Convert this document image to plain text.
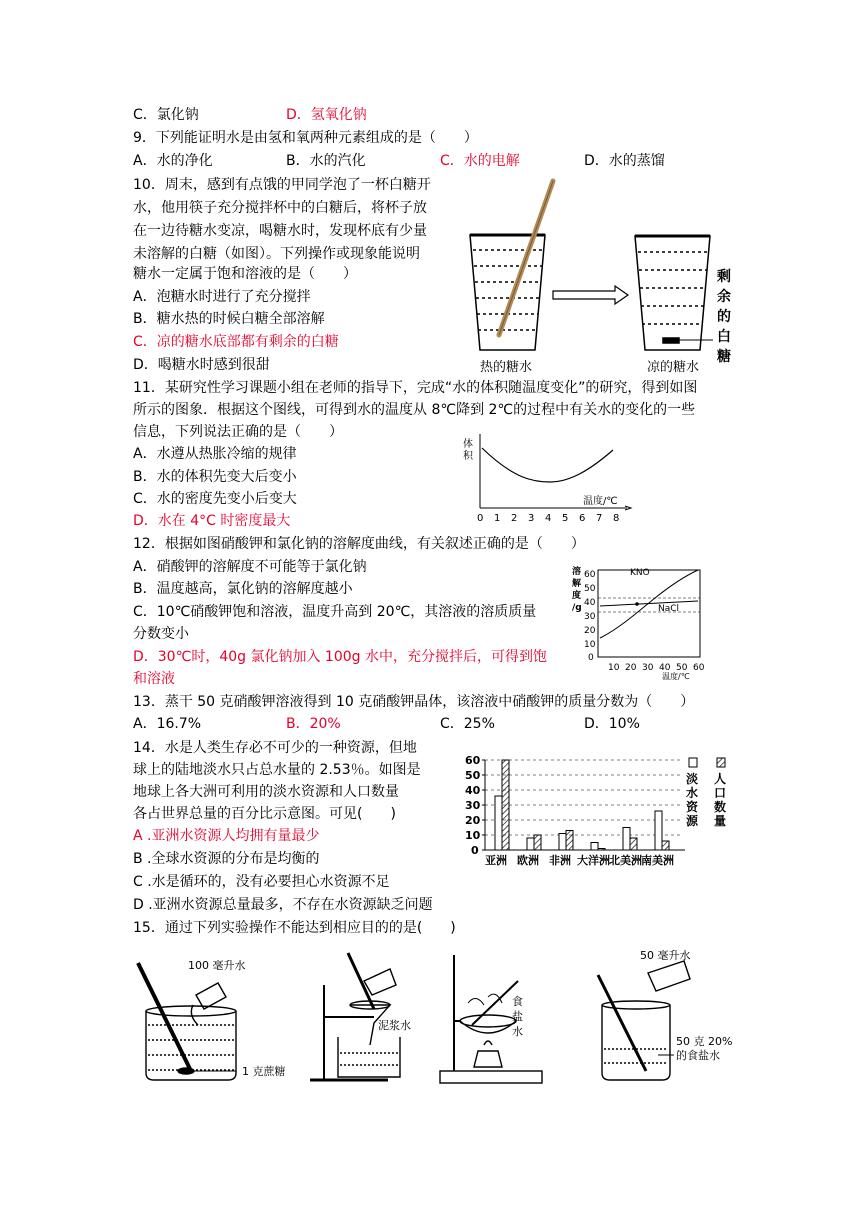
C．氯化钠	D．氢氧化钠
9．下列能证明水是由氢和氧两种元素组成的是（　　）
A．水的净化	B．水的汽化	C．水的电解	D．水的蒸馏
10．周末，感到有点饿的甲同学泡了一杯白糖开
水，他用筷子充分搅拌杯中的白糖后，将杯子放
在一边待糖水变凉，喝糖水时，发现杯底有少量
未溶解的白糖（如图）。下列操作或现象能说明
糖水一定属于饱和溶液的是（　　）
A．泡糖水时进行了充分搅拌
B．糖水热的时候白糖全部溶解
C．凉的糖水底部都有剩余的白糖
D．喝糖水时感到很甜	热的糖水	凉的糖水
剩
余
的
白
糖
11．某研究性学习课题小组在老师的指导下，完成“水的体积随温度变化”的研究，得到如图
所示的图象．根据这个图线，可得到水的温度从 8℃降到 2℃的过程中有关水的变化的一些
信息，下列说法正确的是（　　）
A．水遵从热胀冷缩的规律
B．水的体积先变大后变小
C．水的密度先变小后变大
D．水在 4°C 时密度最大
体
积
温度/℃
0 1 2 3 4 5 6 7 8
12．根据如图硝酸钾和氯化钠的溶解度曲线，有关叙述正确的是（　　）
A．硝酸钾的溶解度不可能等于氯化钠
B．温度越高，氯化钠的溶解度越小
C．10℃硝酸钾饱和溶液，温度升高到 20℃，其溶液的溶质质量
分数变小
D．30℃时，40g 氯化钠加入 100g 水中，充分搅拌后，可得到饱
和溶液
溶
解
度
/g
0
10
20
30
40
50
60	KNO
NaCl
10 20 30 40 50 60
温度/℃
13．蒸干 50 克硝酸钾溶液得到 10 克硝酸钾晶体，该溶液中硝酸钾的质量分数为（　　）
A．16.7%	B．20%	C．25%	D．10%
14．水是人类生存必不可少的一种资源，但地
球上的陆地淡水只占总水量的 2.53％。如图是
地球上各大洲可利用的淡水资源和人口数量
各占世界总量的百分比示意图。可见(　　)
A .亚洲水资源人均拥有量最少
B .全球水资源的分布是均衡的
C .水是循环的，没有必要担心水资源不足
D .亚洲水资源总量最多，不存在水资源缺乏问题
0
10
20
30
40
50
60
亚洲 欧洲 非洲 大洋洲 北美洲 南美洲
淡
水
资
源
人
口
数
量
15．通过下列实验操作不能达到相应目的的是(　　)
100 毫升水
1 克蔗糖
泥浆水
食
盐
水
50 毫升水
50 克 20%
的食盐水
